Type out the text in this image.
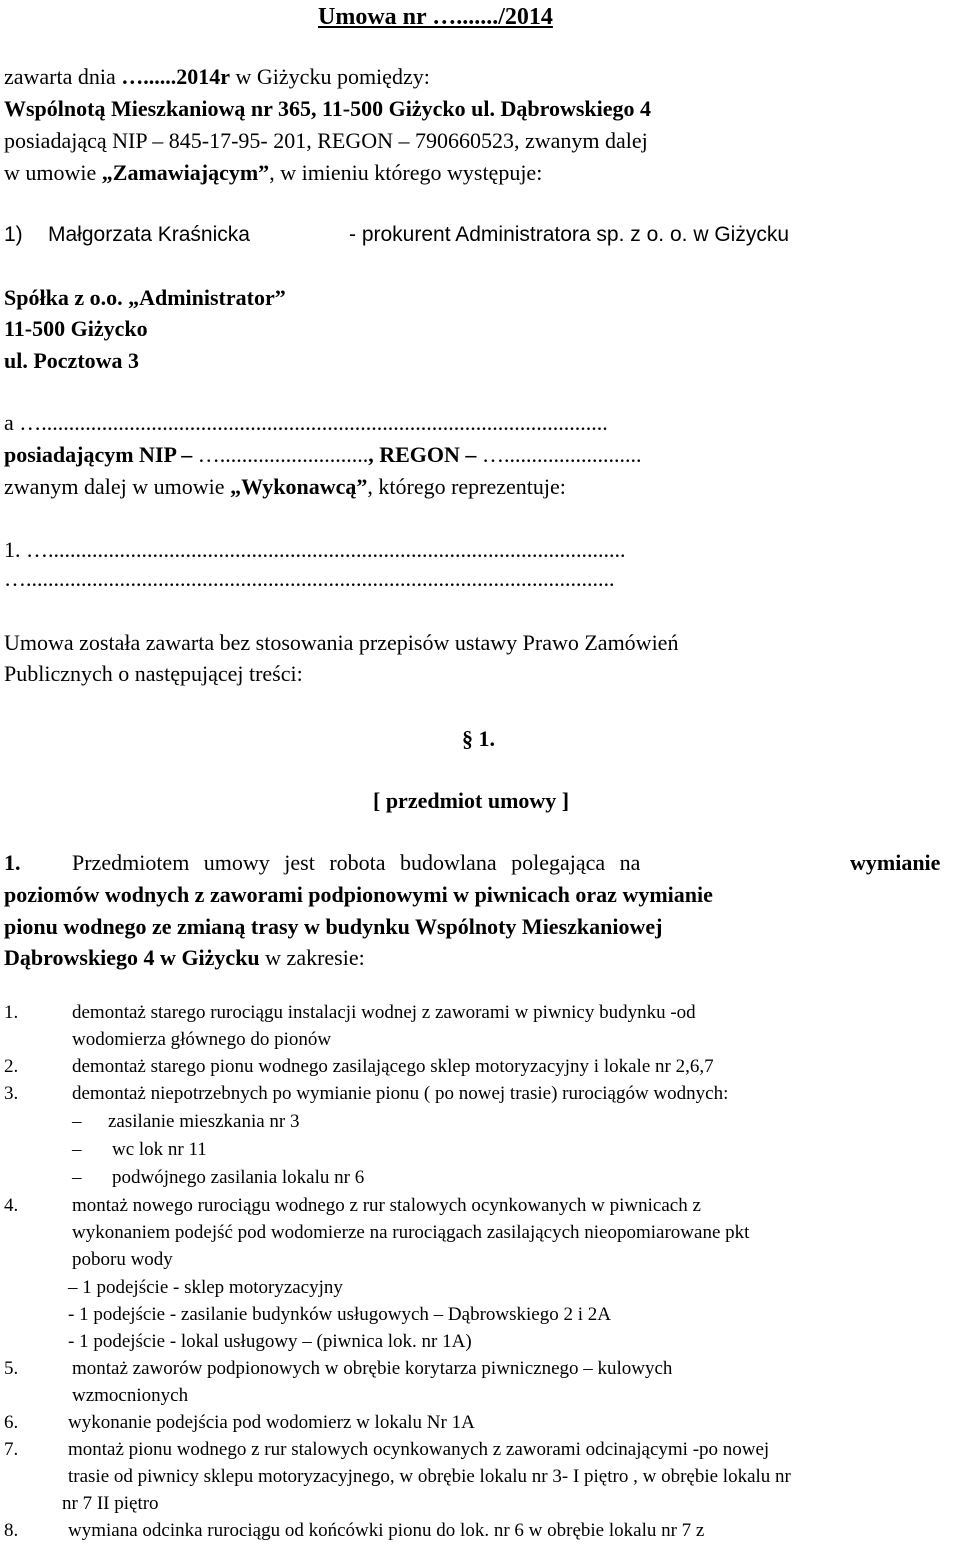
Umowa nr …......./2014
zawarta dnia …......2014r w Giżycku pomiędzy:
Wspólnotą Mieszkaniową nr 365, 11-500 Giżycko ul. Dąbrowskiego 4
posiadającą NIP – 845-17-95- 201, REGON – 790660523, zwanym dalej
w umowie „Zamawiającym”, w imieniu którego występuje:
1) Małgorzata Kraśnicka	- prokurent Administratora sp. z o. o. w Giżycku
Spółka z o.o. „Administrator”
11-500 Giżycko
ul. Pocztowa 3
a ….......................................................................................................
posiadającym NIP – …..........................., REGON – ….........................
zwanym dalej w umowie „Wykonawcą”, którego reprezentuje:
1. ….........................................................................................................
…...........................................................................................................
Umowa została zawarta bez stosowania przepisów ustawy Prawo Zamówień
Publicznych o następującej treści:
§ 1.
[ przedmiot umowy ]
1. Przedmiotem umowy jest robota budowlana polegająca na	wymianie
poziomów wodnych z zaworami podpionowymi w piwnicach oraz wymianie
pionu wodnego ze zmianą trasy w budynku Wspólnoty Mieszkaniowej
Dąbrowskiego 4 w Giżycku w zakresie:
1.	demontaż starego rurociągu instalacji wodnej z zaworami w piwnicy budynku -od
wodomierza głównego do pionów
2.	demontaż starego pionu wodnego zasilającego sklep motoryzacyjny i lokale nr 2,6,7
3.	demontaż niepotrzebnych po wymianie pionu ( po nowej trasie) rurociągów wodnych:
– zasilanie mieszkania nr 3
– wc lok nr 11
– podwójnego zasilania lokalu nr 6
4.	montaż nowego rurociągu wodnego z rur stalowych ocynkowanych w piwnicach z
wykonaniem podejść pod wodomierze na rurociągach zasilających nieopomiarowane pkt
poboru wody
– 1 podejście - sklep motoryzacyjny
- 1 podejście - zasilanie budynków usługowych – Dąbrowskiego 2 i 2A
- 1 podejście - lokal usługowy – (piwnica lok. nr 1A)
5.	montaż zaworów podpionowych w obrębie korytarza piwnicznego – kulowych
wzmocnionych
6.	wykonanie podejścia pod wodomierz w lokalu Nr 1A
7.	montaż pionu wodnego z rur stalowych ocynkowanych z zaworami odcinającymi -po nowej
trasie od piwnicy sklepu motoryzacyjnego, w obrębie lokalu nr 3- I piętro , w obrębie lokalu nr
nr 7 II piętro
8.	wymiana odcinka rurociągu od końcówki pionu do lok. nr 6 w obrębie lokalu nr 7 z
